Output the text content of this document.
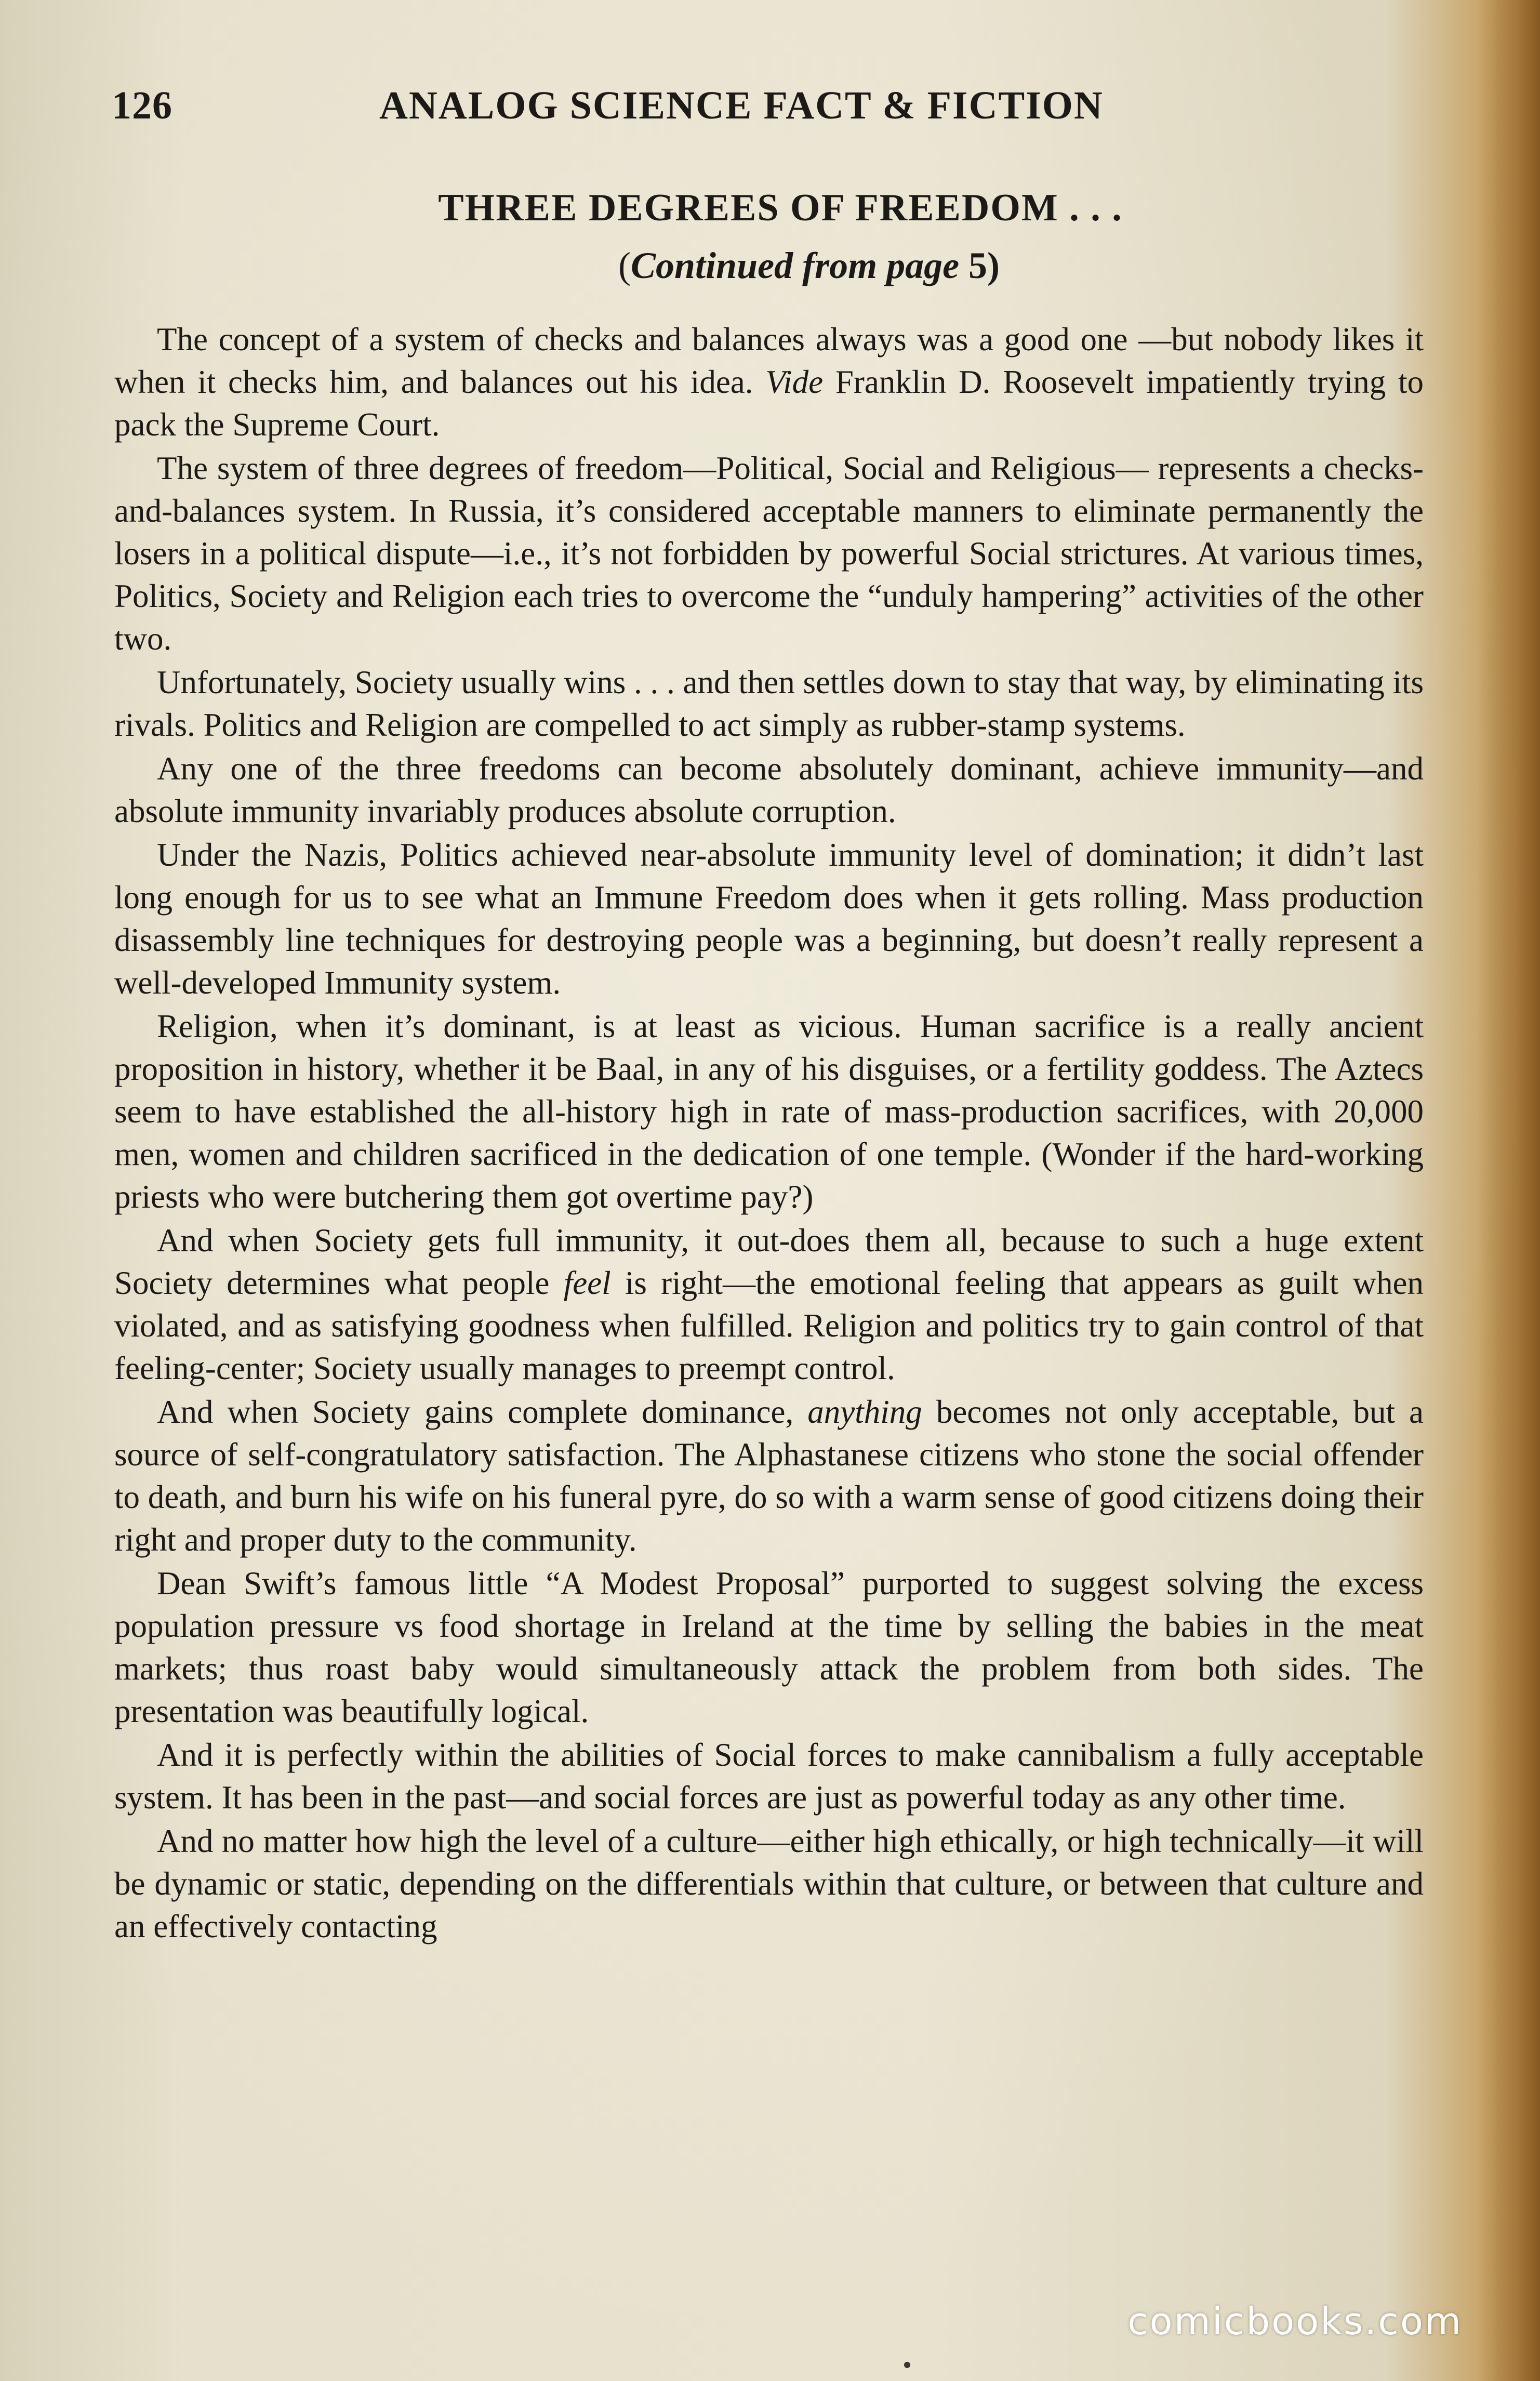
126	ANALOG SCIENCE FACT & FICTION
THREE DEGREES OF FREEDOM . . .
(Continued from page 5)

The concept of a system of checks and balances always was a good one —but nobody likes it when it checks him, and balances out his idea. Vide Franklin D. Roosevelt impatiently trying to pack the Supreme Court.

The system of three degrees of freedom—Political, Social and Religious— represents a checks-and-balances system. In Russia, it’s considered acceptable manners to eliminate permanently the losers in a political dispute—i.e., it’s not forbidden by powerful Social strictures. At various times, Politics, Society and Religion each tries to overcome the “unduly hampering” activities of the other two.

Unfortunately, Society usually wins . . . and then settles down to stay that way, by eliminating its rivals. Politics and Religion are compelled to act simply as rubber-stamp systems.

Any one of the three freedoms can become absolutely dominant, achieve immunity—and absolute immunity invariably produces absolute corruption.

Under the Nazis, Politics achieved near-absolute immunity level of domination; it didn’t last long enough for us to see what an Immune Freedom does when it gets rolling. Mass production disassembly line techniques for destroying people was a beginning, but doesn’t really represent a well-developed Immunity system.

Religion, when it’s dominant, is at least as vicious. Human sacrifice is a really ancient proposition in history, whether it be Baal, in any of his disguises, or a fertility goddess. The Aztecs seem to have established the all-history high in rate of mass-production sacrifices, with 20,000 men, women and children sacrificed in the dedication of one temple. (Wonder if the hard-working priests who were butchering them got overtime pay?)

And when Society gets full immunity, it out-does them all, because to such a huge extent Society determines what people feel is right—the emotional feeling that appears as guilt when violated, and as satisfying goodness when fulfilled. Religion and politics try to gain control of that feeling-center; Society usually manages to preempt control.

And when Society gains complete dominance, anything becomes not only acceptable, but a source of self-congratulatory satisfaction. The Alphastanese citizens who stone the social offender to death, and burn his wife on his funeral pyre, do so with a warm sense of good citizens doing their right and proper duty to the community.

Dean Swift’s famous little “A Modest Proposal” purported to suggest solving the excess population pressure vs food shortage in Ireland at the time by selling the babies in the meat markets; thus roast baby would simultaneously attack the problem from both sides. The presentation was beautifully logical.

And it is perfectly within the abilities of Social forces to make cannibalism a fully acceptable system. It has been in the past—and social forces are just as powerful today as any other time.

And no matter how high the level of a culture—either high ethically, or high technically—it will be dynamic or static, depending on the differentials within that culture, or between that culture and an effectively contacting

comicbooks.com
